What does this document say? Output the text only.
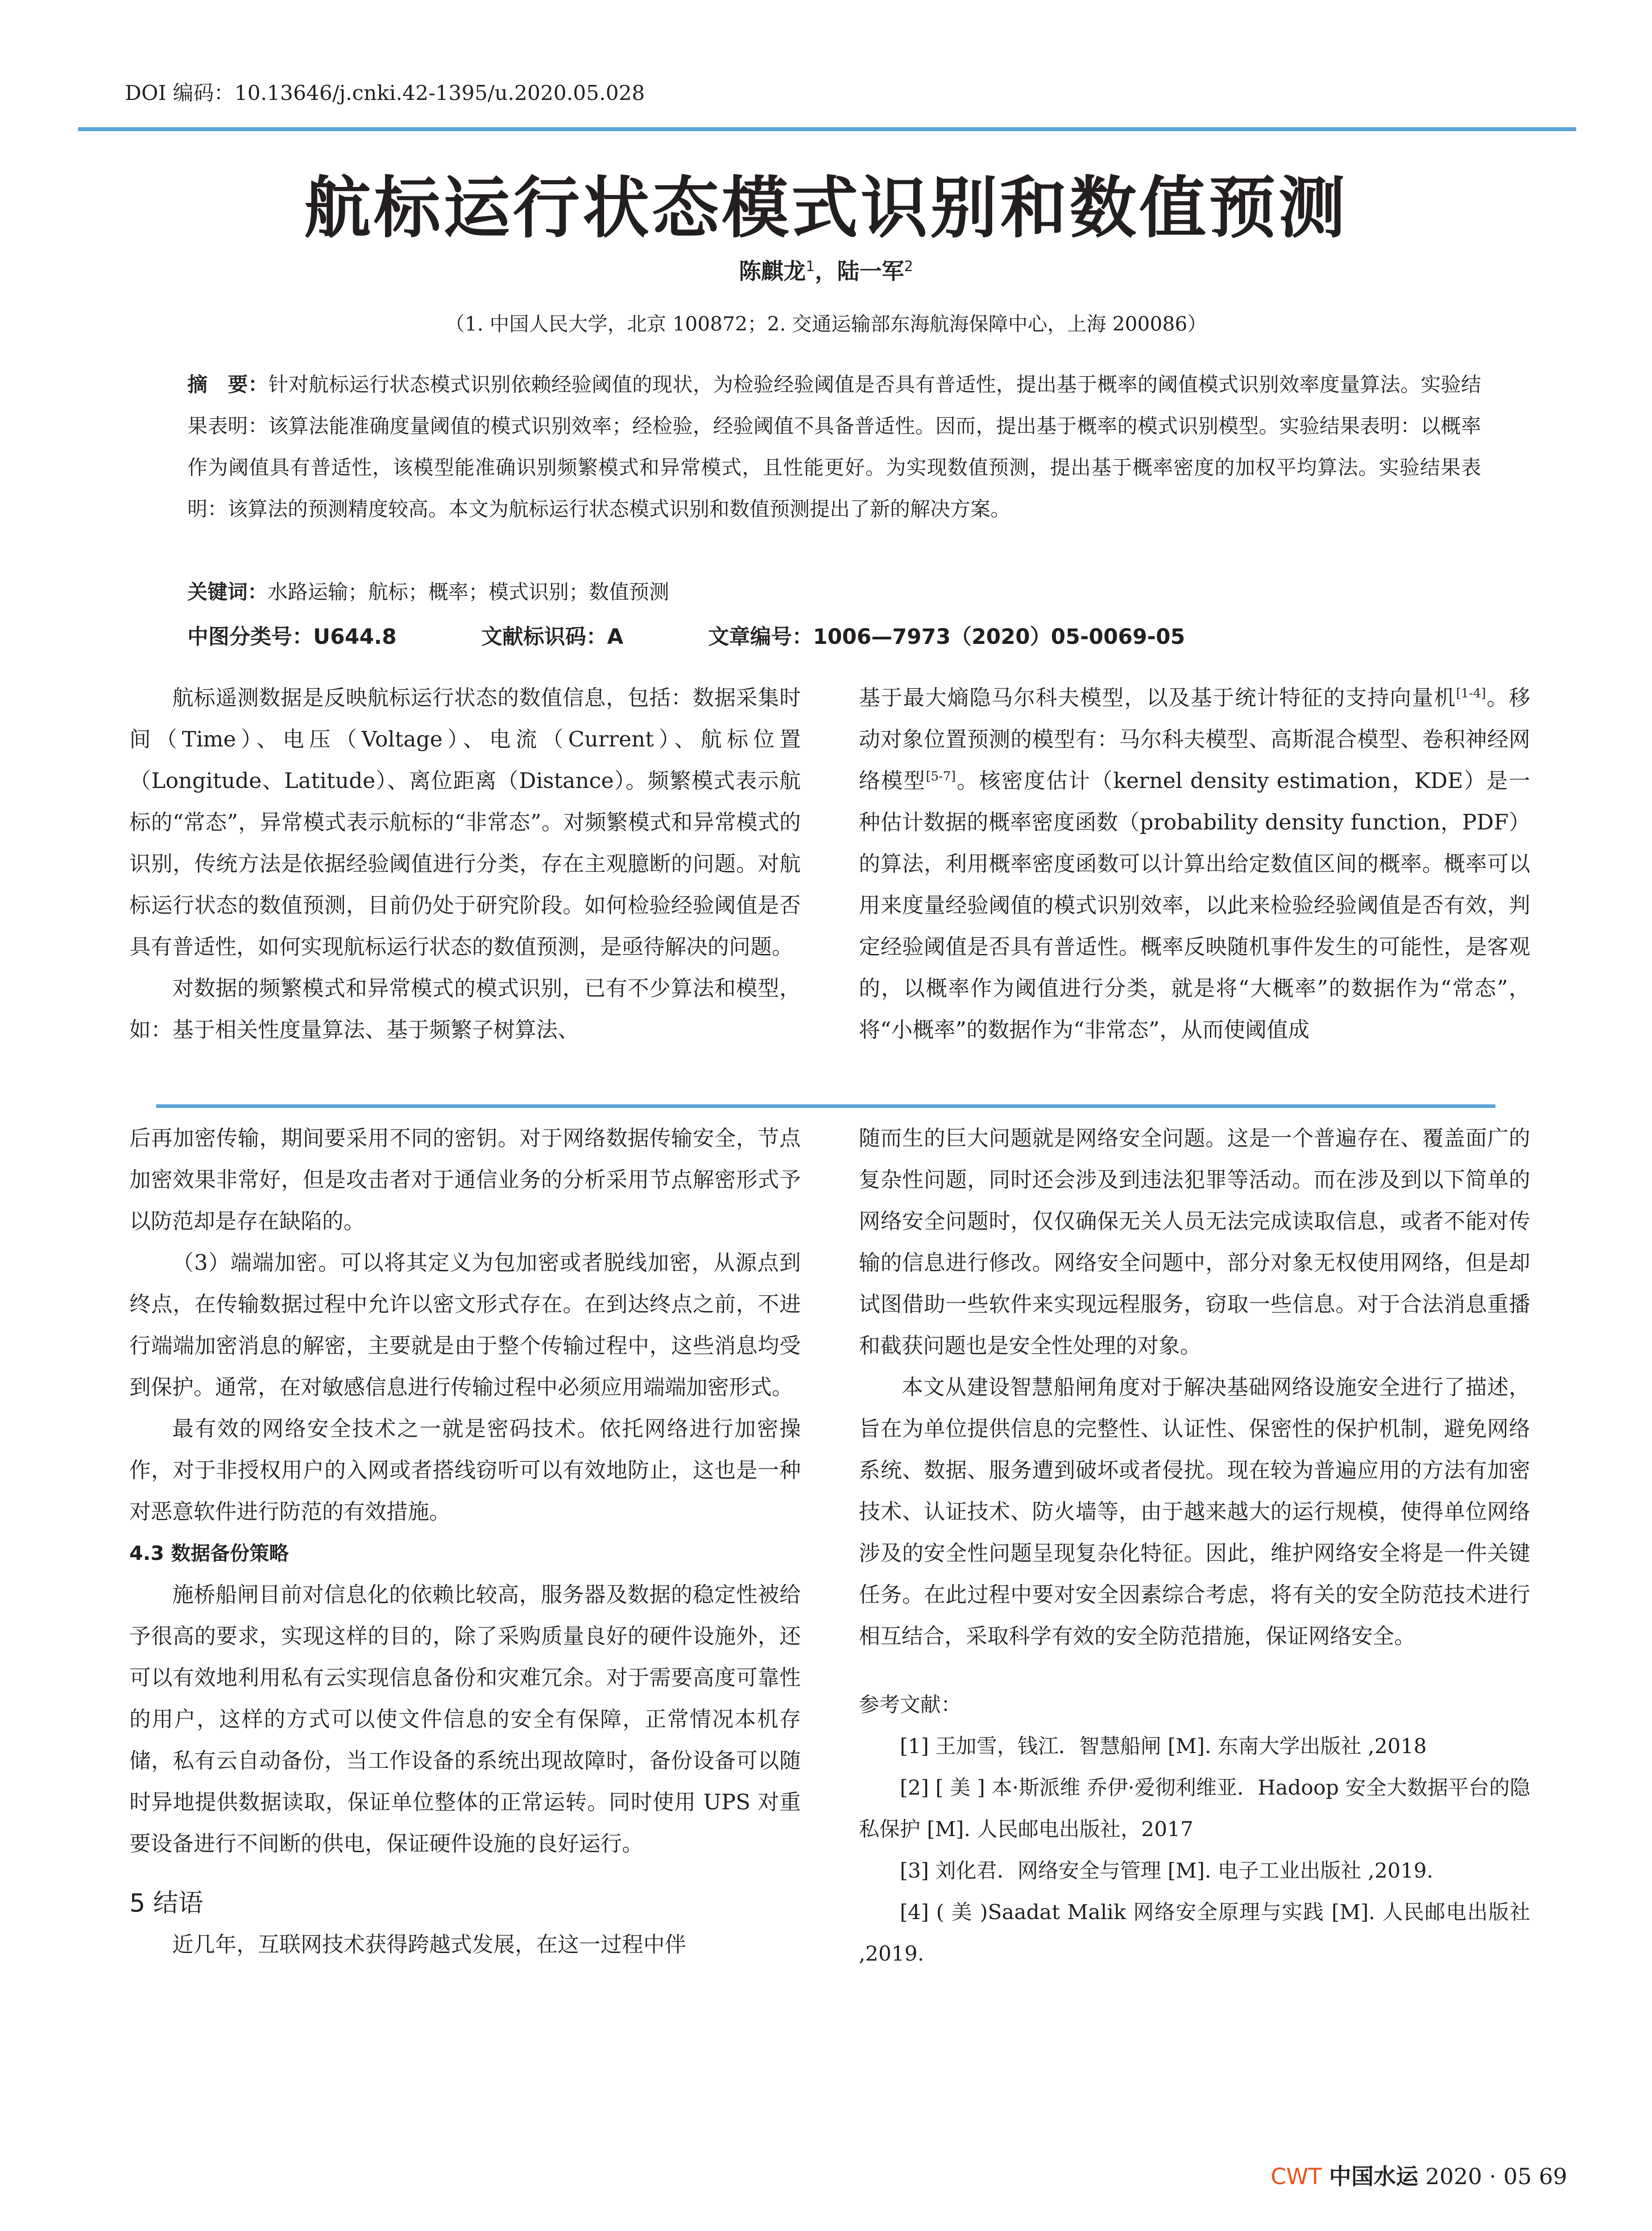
DOI 编码：10.13646/j.cnki.42-1395/u.2020.05.028
航标运行状态模式识别和数值预测
陈麒龙$^1$，陆一军$^2$
（1. 中国人民大学，北京 100872；2. 交通运输部东海航海保障中心，上海 200086）
摘　要：针对航标运行状态模式识别依赖经验阈值的现状，为检验经验阈值是否具有普适性，提出基于概率的阈值模式识别效率度量算法。实验结果表明：该算法能准确度量阈值的模式识别效率；经检验，经验阈值不具备普适性。因而，提出基于概率的模式识别模型。实验结果表明：以概率作为阈值具有普适性，该模型能准确识别频繁模式和异常模式，且性能更好。为实现数值预测，提出基于概率密度的加权平均算法。实验结果表明：该算法的预测精度较高。本文为航标运行状态模式识别和数值预测提出了新的解决方案。
关键词：水路运输；航标；概率；模式识别；数值预测
中图分类号：U644.8	文献标识码：A	文章编号：1006—7973（2020）05-0069-05

航标遥测数据是反映航标运行状态的数值信息，包括：数据采集时间（Time）、电压（Voltage）、电流（Current）、航标位置（Longitude、Latitude）、离位距离（Distance）。频繁模式表示航标的“常态”，异常模式表示航标的“非常态”。对频繁模式和异常模式的识别，传统方法是依据经验阈值进行分类，存在主观臆断的问题。对航标运行状态的数值预测，目前仍处于研究阶段。如何检验经验阈值是否具有普适性，如何实现航标运行状态的数值预测，是亟待解决的问题。

对数据的频繁模式和异常模式的模式识别，已有不少算法和模型，如：基于相关性度量算法、基于频繁子树算法、

基于最大熵隐马尔科夫模型，以及基于统计特征的支持向量机[1-4]。移动对象位置预测的模型有：马尔科夫模型、高斯混合模型、卷积神经网络模型[5-7]。核密度估计（kernel density estimation，KDE）是一种估计数据的概率密度函数（probability density function，PDF）的算法，利用概率密度函数可以计算出给定数值区间的概率。概率可以用来度量经验阈值的模式识别效率，以此来检验经验阈值是否有效，判定经验阈值是否具有普适性。概率反映随机事件发生的可能性，是客观的，以概率作为阈值进行分类，就是将“大概率”的数据作为“常态”，将“小概率”的数据作为“非常态”，从而使阈值成

后再加密传输，期间要采用不同的密钥。对于网络数据传输安全，节点加密效果非常好，但是攻击者对于通信业务的分析采用节点解密形式予以防范却是存在缺陷的。

（3）端端加密。可以将其定义为包加密或者脱线加密，从源点到终点，在传输数据过程中允许以密文形式存在。在到达终点之前，不进行端端加密消息的解密，主要就是由于整个传输过程中，这些消息均受到保护。通常，在对敏感信息进行传输过程中必须应用端端加密形式。

最有效的网络安全技术之一就是密码技术。依托网络进行加密操作，对于非授权用户的入网或者搭线窃听可以有效地防止，这也是一种对恶意软件进行防范的有效措施。

4.3 数据备份策略

施桥船闸目前对信息化的依赖比较高，服务器及数据的稳定性被给予很高的要求，实现这样的目的，除了采购质量良好的硬件设施外，还可以有效地利用私有云实现信息备份和灾难冗余。对于需要高度可靠性的用户，这样的方式可以使文件信息的安全有保障，正常情况本机存储，私有云自动备份，当工作设备的系统出现故障时，备份设备可以随时异地提供数据读取，保证单位整体的正常运转。同时使用 UPS 对重要设备进行不间断的供电，保证硬件设施的良好运行。

5 结语

近几年，互联网技术获得跨越式发展，在这一过程中伴

随而生的巨大问题就是网络安全问题。这是一个普遍存在、覆盖面广的复杂性问题，同时还会涉及到违法犯罪等活动。而在涉及到以下简单的网络安全问题时，仅仅确保无关人员无法完成读取信息，或者不能对传输的信息进行修改。网络安全问题中，部分对象无权使用网络，但是却试图借助一些软件来实现远程服务，窃取一些信息。对于合法消息重播和截获问题也是安全性处理的对象。

本文从建设智慧船闸角度对于解决基础网络设施安全进行了描述，旨在为单位提供信息的完整性、认证性、保密性的保护机制，避免网络系统、数据、服务遭到破坏或者侵扰。现在较为普遍应用的方法有加密技术、认证技术、防火墙等，由于越来越大的运行规模，使得单位网络涉及的安全性问题呈现复杂化特征。因此，维护网络安全将是一件关键任务。在此过程中要对安全因素综合考虑，将有关的安全防范技术进行相互结合，采取科学有效的安全防范措施，保证网络安全。

参考文献：

[1] 王加雪，钱江．智慧船闸 [M]. 东南大学出版社 ,2018

[2] [ 美 ] 本·斯派维 乔伊·爱彻利维亚．Hadoop 安全大数据平台的隐私保护 [M]. 人民邮电出版社，2017

[3] 刘化君．网络安全与管理 [M]. 电子工业出版社 ,2019.

[4] ( 美 )Saadat Malik 网络安全原理与实践 [M]. 人民邮电出版社 ,2019.

CWT 中国水运 2020 · 05 69
